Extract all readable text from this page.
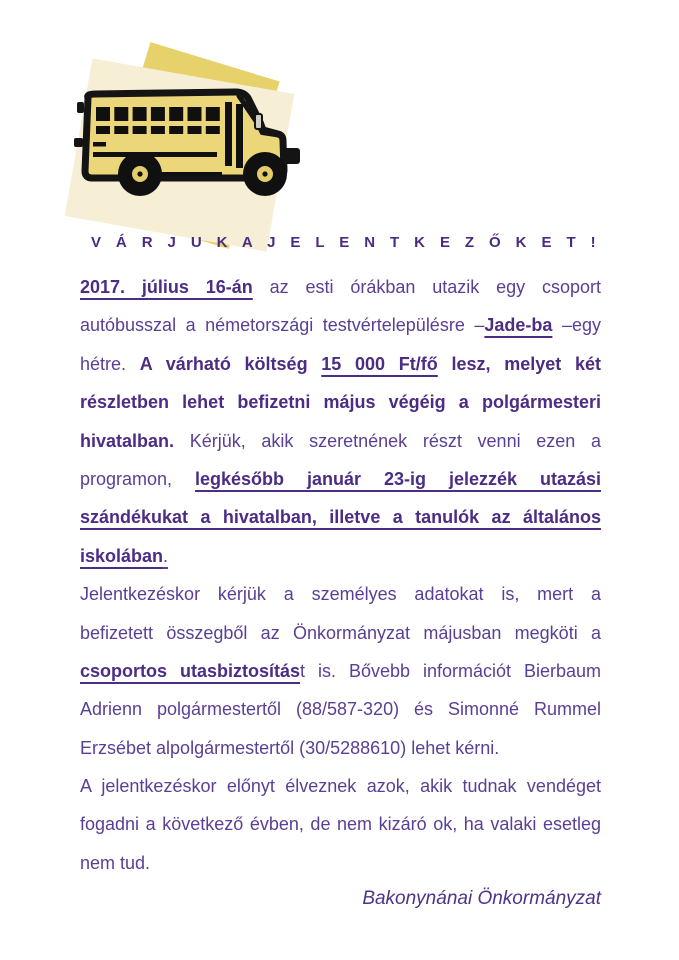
V Á R J U K A J E L E N T K E Z Ő K E T !
2017. július 16-án az esti órákban utazik egy csoport
autóbusszal a németországi testvértelepülésre –Jade-ba –egy
hétre. A várható költség 15 000 Ft/fő lesz, melyet két
részletben lehet befizetni május végéig a polgármesteri
hivatalban. Kérjük, akik szeretnének részt venni ezen a
programon, legkésőbb január 23-ig jelezzék utazási
szándékukat a hivatalban, illetve a tanulók az általános
iskolában.
Jelentkezéskor kérjük a személyes adatokat is, mert a
befizetett összegből az Önkormányzat májusban megköti a
csoportos utasbiztosítást is. Bővebb információt Bierbaum
Adrienn polgármestertől (88/587-320) és Simonné Rummel
Erzsébet alpolgármestertől (30/5288610) lehet kérni.
A jelentkezéskor előnyt élveznek azok, akik tudnak vendéget
fogadni a következő évben, de nem kizáró ok, ha valaki esetleg
nem tud.
Bakonynánai Önkormányzat
